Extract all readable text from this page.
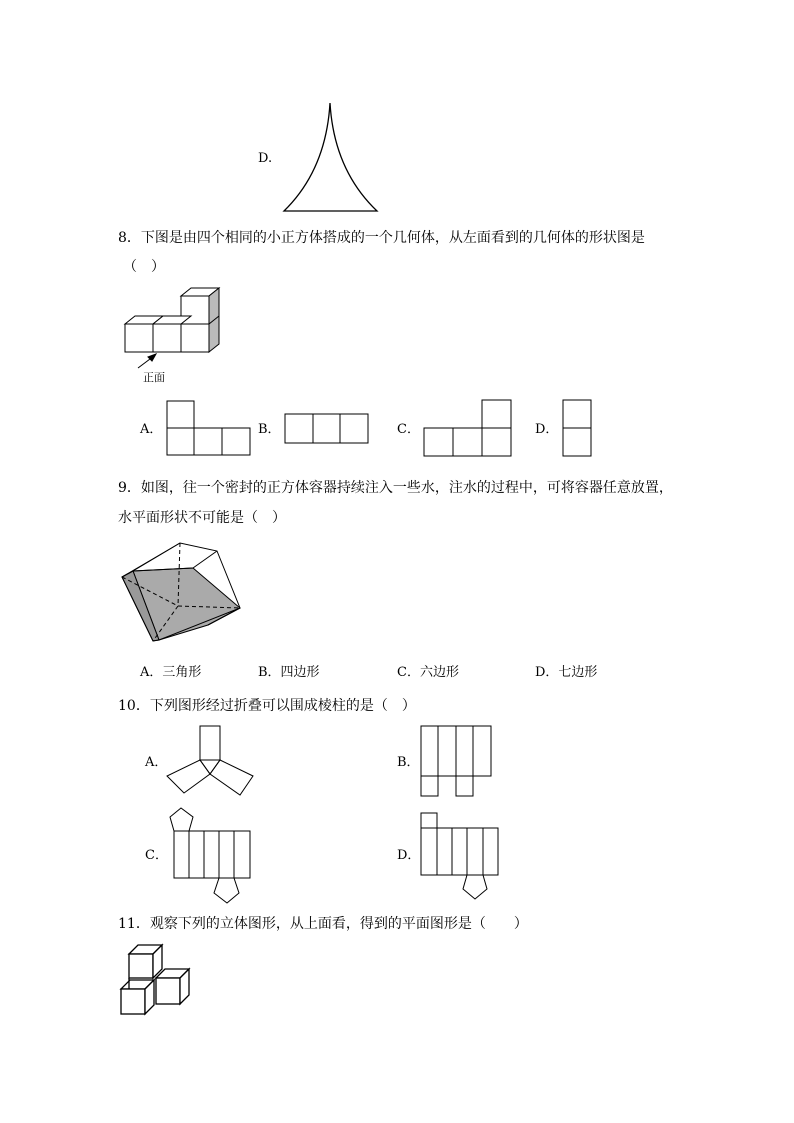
D.
8．下图是由四个相同的小正方体搭成的一个几何体，从左面看到的几何体的形状图是
（　）
正面
A．	B．	C．	D．
9．如图，往一个密封的正方体容器持续注入一些水，注水的过程中，可将容器任意放置，
水平面形状不可能是（　）
A．三角形	B．四边形	C．六边形	D．七边形
10．下列图形经过折叠可以围成棱柱的是（　）
A．	B．
C．	D．
11．观察下列的立体图形，从上面看，得到的平面图形是（　　）
